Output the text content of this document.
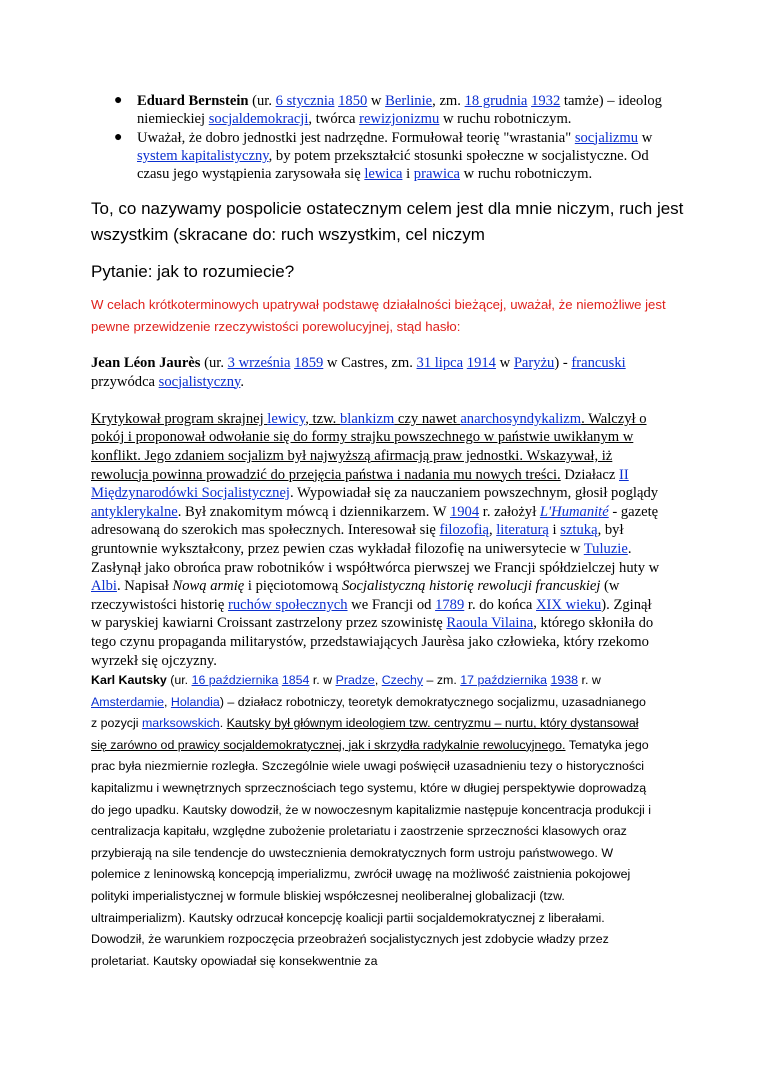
● Eduard Bernstein (ur. 6 stycznia 1850 w Berlinie, zm. 18 grudnia 1932 tamże) – ideolog niemieckiej socjaldemokracji, twórca rewizjonizmu w ruchu robotniczym.
● Uważał, że dobro jednostki jest nadrzędne. Formułował teorię "wrastania" socjalizmu w system kapitalistyczny, by potem przekształcić stosunki społeczne w socjalistyczne. Od czasu jego wystąpienia zarysowała się lewica i prawica w ruchu robotniczym.
To, co nazywamy pospolicie ostatecznym celem jest dla mnie niczym, ruch jest wszystkim (skracane do: ruch wszystkim, cel niczym
Pytanie: jak to rozumiecie?
W celach krótkoterminowych upatrywał podstawę działalności bieżącej, uważał, że niemożliwe jest pewne przewidzenie rzeczywistości porewolucyjnej, stąd hasło:

Jean Léon Jaurès (ur. 3 września 1859 w Castres, zm. 31 lipca 1914 w Paryżu) - francuski przywódca socjalistyczny.

Krytykował program skrajnej lewicy, tzw. blankizm czy nawet anarchosyndykalizm. Walczył o pokój i proponował odwołanie się do formy strajku powszechnego w państwie uwikłanym w konflikt. Jego zdaniem socjalizm był najwyższą afirmacją praw jednostki. Wskazywał, iż rewolucja powinna prowadzić do przejęcia państwa i nadania mu nowych treści. Działacz II Międzynarodówki Socjalistycznej. Wypowiadał się za nauczaniem powszechnym, głosił poglądy antyklerykalne. Był znakomitym mówcą i dziennikarzem. W 1904 r. założył L'Humanité - gazetę adresowaną do szerokich mas społecznych. Interesował się filozofią, literaturą i sztuką, był gruntownie wykształcony, przez pewien czas wykładał filozofię na uniwersytecie w Tuluzie. Zasłynął jako obrońca praw robotników i współtwórca pierwszej we Francji spółdzielczej huty w Albi. Napisał Nową armię i pięciotomową Socjalistyczną historię rewolucji francuskiej (w rzeczywistości historię ruchów społecznych we Francji od 1789 r. do końca XIX wieku). Zginął w paryskiej kawiarni Croissant zastrzelony przez szowinistę Raoula Vilaina, którego skłoniła do tego czynu propaganda militarystów, przedstawiających Jaurèsa jako człowieka, który rzekomo wyrzekł się ojczyzny.

Karl Kautsky (ur. 16 października 1854 r. w Pradze, Czechy – zm. 17 października 1938 r. w Amsterdamie, Holandia) – działacz robotniczy, teoretyk demokratycznego socjalizmu, uzasadnianego z pozycji marksowskich. Kautsky był głównym ideologiem tzw. centryzmu – nurtu, który dystansował się zarówno od prawicy socjaldemokratycznej, jak i skrzydła radykalnie rewolucyjnego. Tematyka jego prac była niezmiernie rozległa. Szczególnie wiele uwagi poświęcił uzasadnieniu tezy o historyczności kapitalizmu i wewnętrznych sprzecznościach tego systemu, które w długiej perspektywie doprowadzą do jego upadku. Kautsky dowodził, że w nowoczesnym kapitalizmie następuje koncentracja produkcji i centralizacja kapitału, względne zubożenie proletariatu i zaostrzenie sprzeczności klasowych oraz przybierają na sile tendencje do uwstecznienia demokratycznych form ustroju państwowego. W polemice z leninowską koncepcją imperializmu, zwrócił uwagę na możliwość zaistnienia pokojowej polityki imperialistycznej w formule bliskiej współczesnej neoliberalnej globalizacji (tzw. ultraimperializm). Kautsky odrzucał koncepcję koalicji partii socjaldemokratycznej z liberałami. Dowodził, że warunkiem rozpoczęcia przeobrażeń socjalistycznych jest zdobycie władzy przez proletariat. Kautsky opowiadał się konsekwentnie za
